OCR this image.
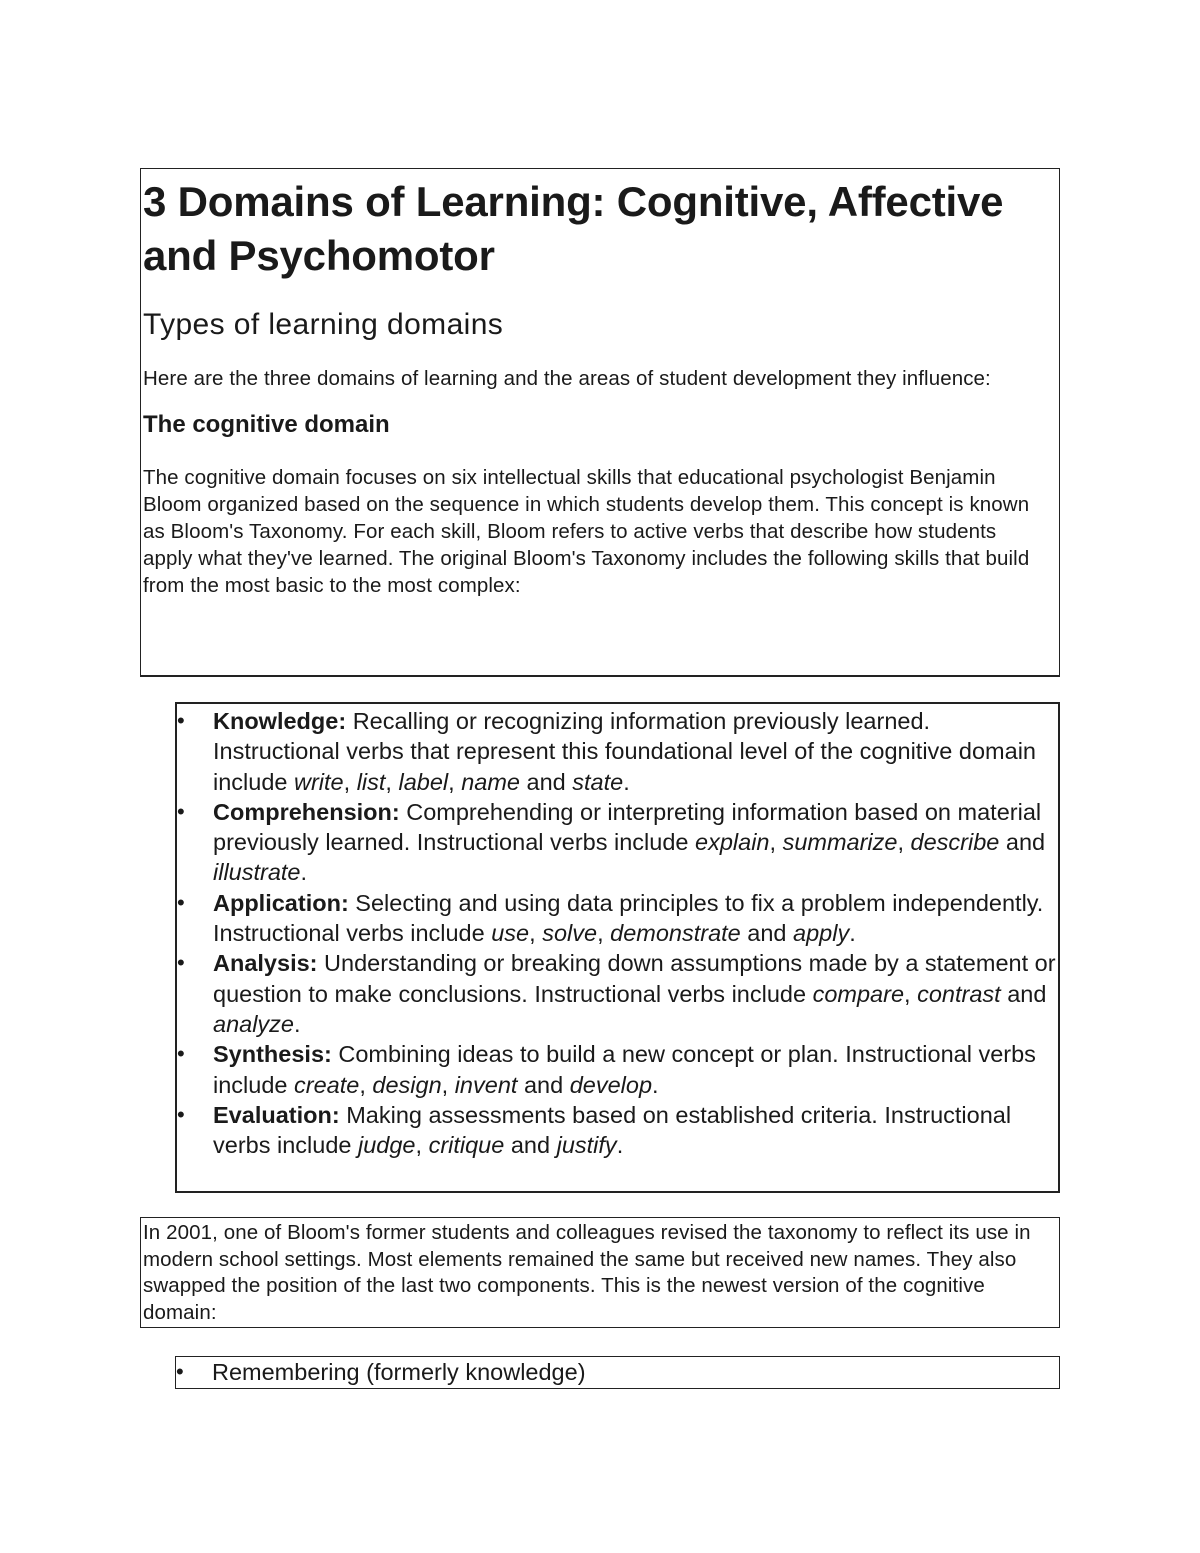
3 Domains of Learning: Cognitive, Affective and Psychomotor
Types of learning domains

Here are the three domains of learning and the areas of student development they influence:

The cognitive domain

The cognitive domain focuses on six intellectual skills that educational psychologist Benjamin Bloom organized based on the sequence in which students develop them. This concept is known as Bloom's Taxonomy. For each skill, Bloom refers to active verbs that describe how students apply what they've learned. The original Bloom's Taxonomy includes the following skills that build from the most basic to the most complex:

• Knowledge: Recalling or recognizing information previously learned. Instructional verbs that represent this foundational level of the cognitive domain include write, list, label, name and state.
• Comprehension: Comprehending or interpreting information based on material previously learned. Instructional verbs include explain, summarize, describe and illustrate.
• Application: Selecting and using data principles to fix a problem independently. Instructional verbs include use, solve, demonstrate and apply.
• Analysis: Understanding or breaking down assumptions made by a statement or question to make conclusions. Instructional verbs include compare, contrast and analyze.
• Synthesis: Combining ideas to build a new concept or plan. Instructional verbs include create, design, invent and develop.
• Evaluation: Making assessments based on established criteria. Instructional verbs include judge, critique and justify.

In 2001, one of Bloom's former students and colleagues revised the taxonomy to reflect its use in modern school settings. Most elements remained the same but received new names. They also swapped the position of the last two components. This is the newest version of the cognitive domain:

• Remembering (formerly knowledge)
